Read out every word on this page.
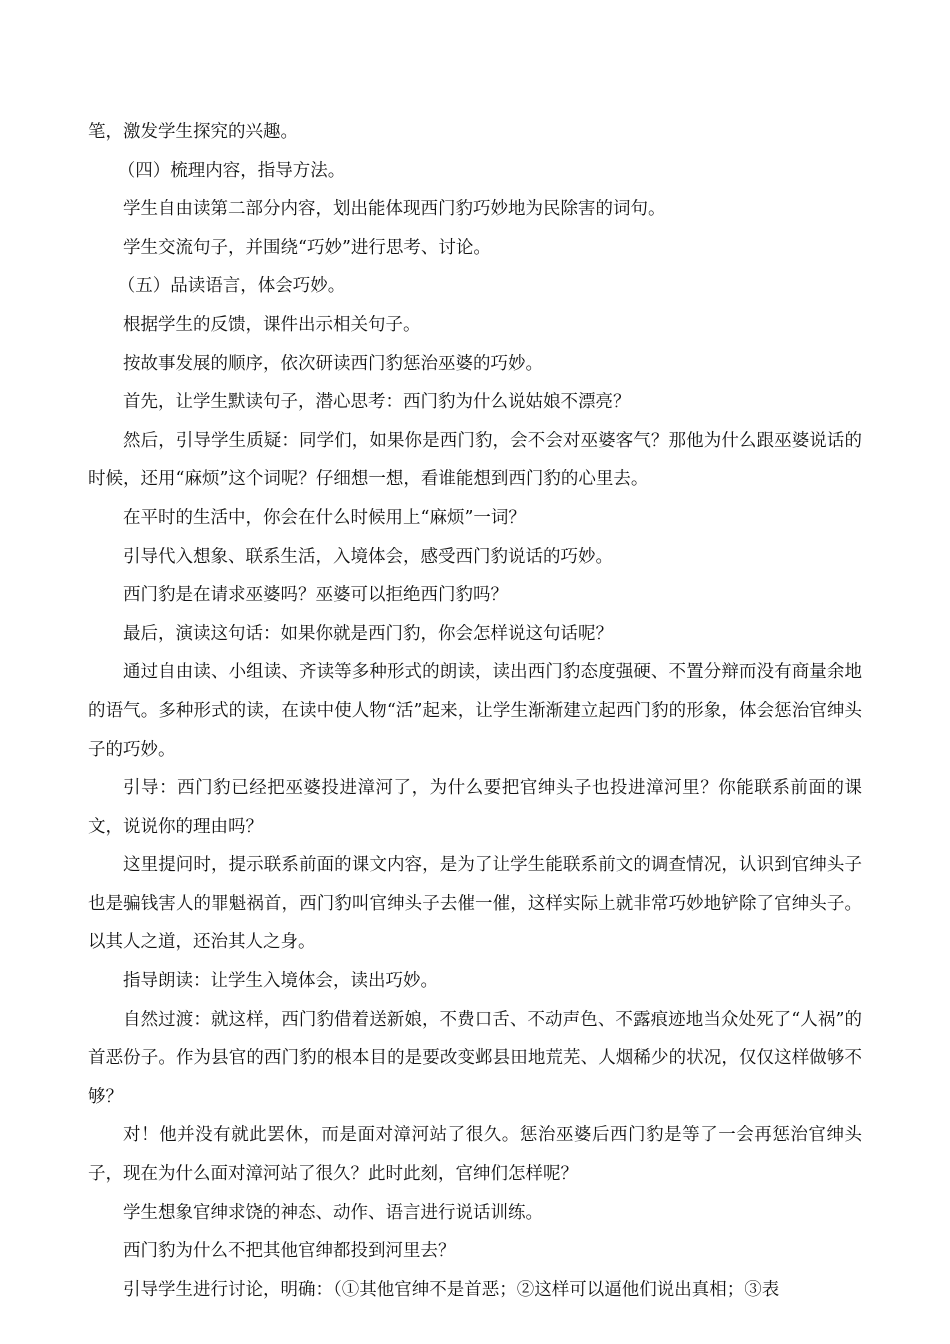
笔，激发学生探究的兴趣。

（四）梳理内容，指导方法。

学生自由读第二部分内容，划出能体现西门豹巧妙地为民除害的词句。

学生交流句子，并围绕“巧妙”进行思考、讨论。

（五）品读语言，体会巧妙。

根据学生的反馈，课件出示相关句子。

按故事发展的顺序，依次研读西门豹惩治巫婆的巧妙。

首先，让学生默读句子，潜心思考：西门豹为什么说姑娘不漂亮？

然后，引导学生质疑：同学们，如果你是西门豹，会不会对巫婆客气？那他为什么跟巫婆说话的时候，还用“麻烦”这个词呢？仔细想一想，看谁能想到西门豹的心里去。

在平时的生活中，你会在什么时候用上“麻烦”一词？

引导代入想象、联系生活，入境体会，感受西门豹说话的巧妙。

西门豹是在请求巫婆吗？巫婆可以拒绝西门豹吗？

最后，演读这句话：如果你就是西门豹，你会怎样说这句话呢？

通过自由读、小组读、齐读等多种形式的朗读，读出西门豹态度强硬、不置分辩而没有商量余地的语气。多种形式的读，在读中使人物“活”起来，让学生渐渐建立起西门豹的形象，体会惩治官绅头子的巧妙。

引导：西门豹已经把巫婆投进漳河了，为什么要把官绅头子也投进漳河里？你能联系前面的课文，说说你的理由吗？

这里提问时，提示联系前面的课文内容，是为了让学生能联系前文的调查情况，认识到官绅头子也是骗钱害人的罪魁祸首，西门豹叫官绅头子去催一催，这样实际上就非常巧妙地铲除了官绅头子。以其人之道，还治其人之身。

指导朗读：让学生入境体会，读出巧妙。

自然过渡：就这样，西门豹借着送新娘，不费口舌、不动声色、不露痕迹地当众处死了“人祸”的首恶份子。作为县官的西门豹的根本目的是要改变邺县田地荒芜、人烟稀少的状况，仅仅这样做够不够？

对！他并没有就此罢休，而是面对漳河站了很久。惩治巫婆后西门豹是等了一会再惩治官绅头子，现在为什么面对漳河站了很久？此时此刻，官绅们怎样呢？

学生想象官绅求饶的神态、动作、语言进行说话训练。

西门豹为什么不把其他官绅都投到河里去？

引导学生进行讨论，明确：（①其他官绅不是首恶；②这样可以逼他们说出真相；③表
